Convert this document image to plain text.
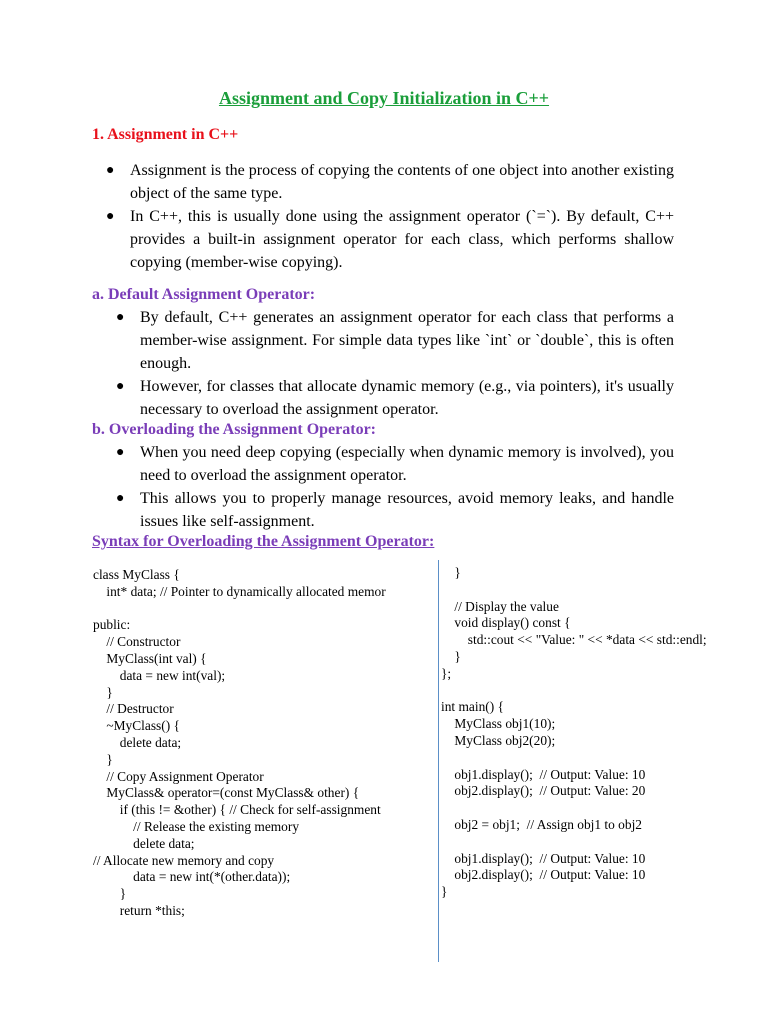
Assignment and Copy Initialization in C++
1. Assignment in C++
● Assignment is the process of copying the contents of one object into another existing object of the same type.
● In C++, this is usually done using the assignment operator (`=`). By default, C++ provides a built-in assignment operator for each class, which performs shallow copying (member-wise copying).
a. Default Assignment Operator:
● By default, C++ generates an assignment operator for each class that performs a member-wise assignment. For simple data types like `int` or `double`, this is often enough.
● However, for classes that allocate dynamic memory (e.g., via pointers), it's usually necessary to overload the assignment operator.
b. Overloading the Assignment Operator:
● When you need deep copying (especially when dynamic memory is involved), you need to overload the assignment operator.
● This allows you to properly manage resources, avoid memory leaks, and handle issues like self-assignment.
Syntax for Overloading the Assignment Operator:
class MyClass {
int* data; // Pointer to dynamically allocated memor

public:
// Constructor
MyClass(int val) {
data = new int(val);
}
// Destructor
~MyClass() {
delete data;
}
// Copy Assignment Operator
MyClass& operator=(const MyClass& other) {
if (this != &other) { // Check for self-assignment
// Release the existing memory
delete data;
// Allocate new memory and copy
data = new int(*(other.data));
}
return *this;
}

// Display the value
void display() const {
std::cout << "Value: " << *data << std::endl;
}
};

int main() {
MyClass obj1(10);
MyClass obj2(20);

obj1.display();  // Output: Value: 10
obj2.display();  // Output: Value: 20

obj2 = obj1;  // Assign obj1 to obj2

obj1.display();  // Output: Value: 10
obj2.display();  // Output: Value: 10
}
